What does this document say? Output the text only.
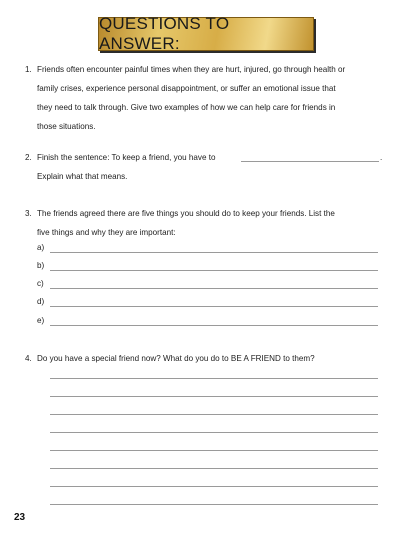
QUESTIONS TO ANSWER:
1. Friends often encounter painful times when they are hurt, injured, go through health or
family crises, experience personal disappointment, or suffer an emotional issue that
they need to talk through. Give two examples of how we can help care for friends in
those situations.
2. Finish the sentence: To keep a friend, you have to
Explain what that means.
.
3. The friends agreed there are five things you should do to keep your friends. List the
five things and why they are important:
a)
b)
c)
d)
e)
4. Do you have a special friend now? What do you do to BE A FRIEND to them?
23
